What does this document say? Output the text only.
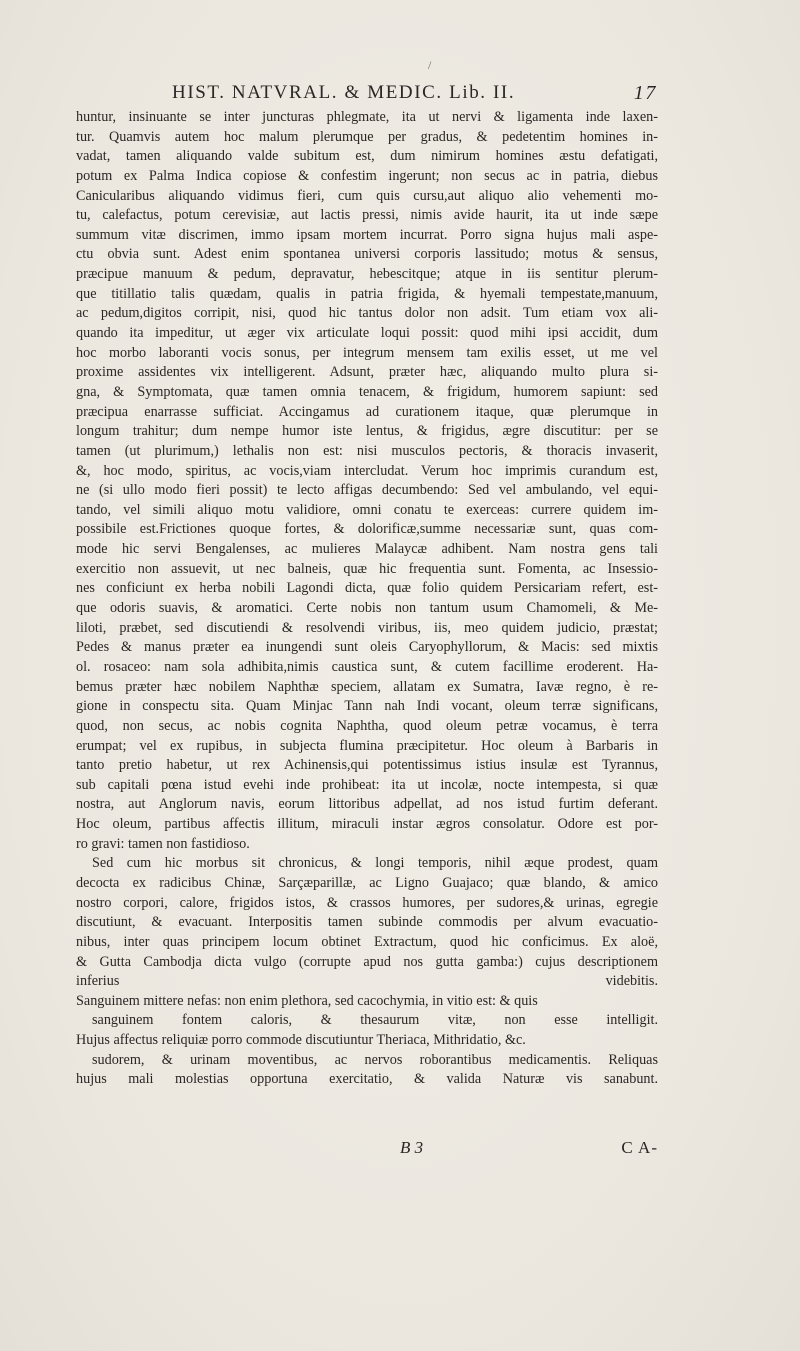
/
HIST. NATVRAL. & MEDIC. Lib. II.	17
huntur, insinuante se inter juncturas phlegmate, ita ut nervi & ligamenta inde laxen-
tur. Quamvis autem hoc malum plerumque per gradus, & pedetentim homines in-
vadat, tamen aliquando valde subitum est, dum nimirum homines æstu defatigati,
potum ex Palma Indica copiose & confestim ingerunt; non secus ac in patria, diebus
Canicularibus aliquando vidimus fieri, cum quis cursu,aut aliquo alio vehementi mo-
tu, calefactus, potum cerevisiæ, aut lactis pressi, nimis avide haurit, ita ut inde sæpe
summum vitæ discrimen, immo ipsam mortem incurrat. Porro signa hujus mali aspe-
ctu obvia sunt. Adest enim spontanea universi corporis lassitudo; motus & sensus,
præcipue manuum & pedum, depravatur, hebescitque; atque in iis sentitur plerum-
que titillatio talis quædam, qualis in patria frigida, & hyemali tempestate,manuum,
ac pedum,digitos corripit, nisi, quod hic tantus dolor non adsit. Tum etiam vox ali-
quando ita impeditur, ut æger vix articulate loqui possit: quod mihi ipsi accidit, dum
hoc morbo laboranti vocis sonus, per integrum mensem tam exilis esset, ut me vel
proxime assidentes vix intelligerent. Adsunt, præter hæc, aliquando multo plura si-
gna, & Symptomata, quæ tamen omnia tenacem, & frigidum, humorem sapiunt: sed
præcipua enarrasse sufficiat. Accingamus ad curationem itaque, quæ plerumque in
longum trahitur; dum nempe humor iste lentus, & frigidus, ægre discutitur: per se
tamen (ut plurimum,) lethalis non est: nisi musculos pectoris, & thoracis invaserit,
&, hoc modo, spiritus, ac vocis,viam intercludat. Verum hoc imprimis curandum est,
ne (si ullo modo fieri possit) te lecto affigas decumbendo: Sed vel ambulando, vel equi-
tando, vel simili aliquo motu validiore, omni conatu te exerceas: currere quidem im-
possibile est.Frictiones quoque fortes, & dolorificæ,summe necessariæ sunt, quas com-
mode hic servi Bengalenses, ac mulieres Malaycæ adhibent. Nam nostra gens tali
exercitio non assuevit, ut nec balneis, quæ hic frequentia sunt. Fomenta, ac Insessio-
nes conficiunt ex herba nobili Lagondi dicta, quæ folio quidem Persicariam refert, est-
que odoris suavis, & aromatici. Certe nobis non tantum usum Chamomeli, & Me-
liloti, præbet, sed discutiendi & resolvendi viribus, iis, meo quidem judicio, præstat;
Pedes & manus præter ea inungendi sunt oleis Caryophyllorum, & Macis: sed mixtis
ol. rosaceo: nam sola adhibita,nimis caustica sunt, & cutem facillime eroderent. Ha-
bemus præter hæc nobilem Naphthæ speciem, allatam ex Sumatra, Iavæ regno, è re-
gione in conspectu sita. Quam Minjac Tann nah Indi vocant, oleum terræ significans,
quod, non secus, ac nobis cognita Naphtha, quod oleum petræ vocamus, è terra
erumpat; vel ex rupibus, in subjecta flumina præcipitetur. Hoc oleum à Barbaris in
tanto pretio habetur, ut rex Achinensis,qui potentissimus istius insulæ est Tyrannus,
sub capitali pœna istud evehi inde prohibeat: ita ut incolæ, nocte intempesta, si quæ
nostra, aut Anglorum navis, eorum littoribus adpellat, ad nos istud furtim deferant.
Hoc oleum, partibus affectis illitum, miraculi instar ægros consolatur. Odore est por-
ro gravi: tamen non fastidioso.
Sed cum hic morbus sit chronicus, & longi temporis, nihil æque prodest, quam
decocta ex radicibus Chinæ, Sarçæparillæ, ac Ligno Guajaco; quæ blando, & amico
nostro corpori, calore, frigidos istos, & crassos humores, per sudores,& urinas, egregie
discutiunt, & evacuant. Interpositis tamen subinde commodis per alvum evacuatio-
nibus, inter quas principem locum obtinet Extractum, quod hic conficimus. Ex aloë,
& Gutta Cambodja dicta vulgo (corrupte apud nos gutta gamba:) cujus descriptionem
inferius videbitis.
Sanguinem mittere nefas: non enim plethora, sed cacochymia, in vitio est: & quis
sanguinem fontem caloris, & thesaurum vitæ, non esse intelligit.
Hujus affectus reliquiæ porro commode discutiuntur Theriaca, Mithridatio, &c.
sudorem, & urinam moventibus, ac nervos roborantibus medicamentis. Reliquas
hujus mali molestias opportuna exercitatio, & valida Naturæ vis sanabunt.
B 3	C A-
